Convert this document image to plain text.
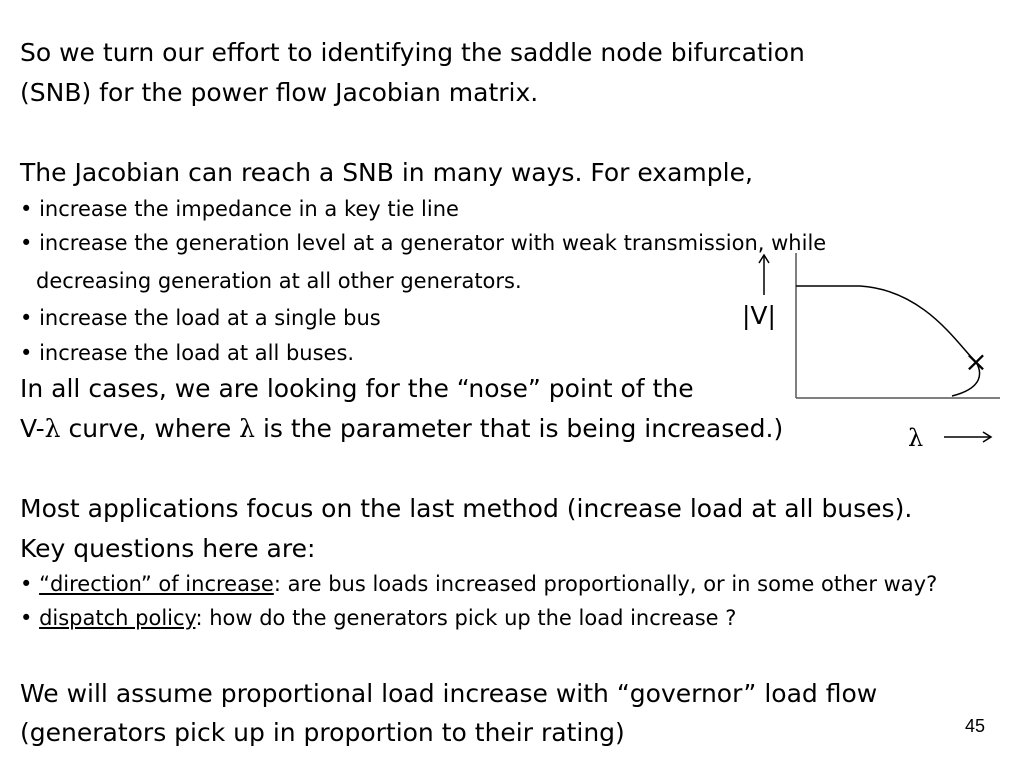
So we turn our effort to identifying the saddle node bifurcation
(SNB) for the power flow Jacobian matrix.
The Jacobian can reach a SNB in many ways. For example,
• increase the impedance in a key tie line
• increase the generation level at a generator with weak transmission, while
decreasing generation at all other generators.
• increase the load at a single bus
• increase the load at all buses.
In all cases, we are looking for the “nose” point of the
V-λ curve, where λ is the parameter that is being increased.)
|V|
×
λ
Most applications focus on the last method (increase load at all buses).
Key questions here are:
• “direction” of increase: are bus loads increased proportionally, or in some other way?
• dispatch policy: how do the generators pick up the load increase ?
We will assume proportional load increase with “governor” load flow
(generators pick up in proportion to their rating)	45
